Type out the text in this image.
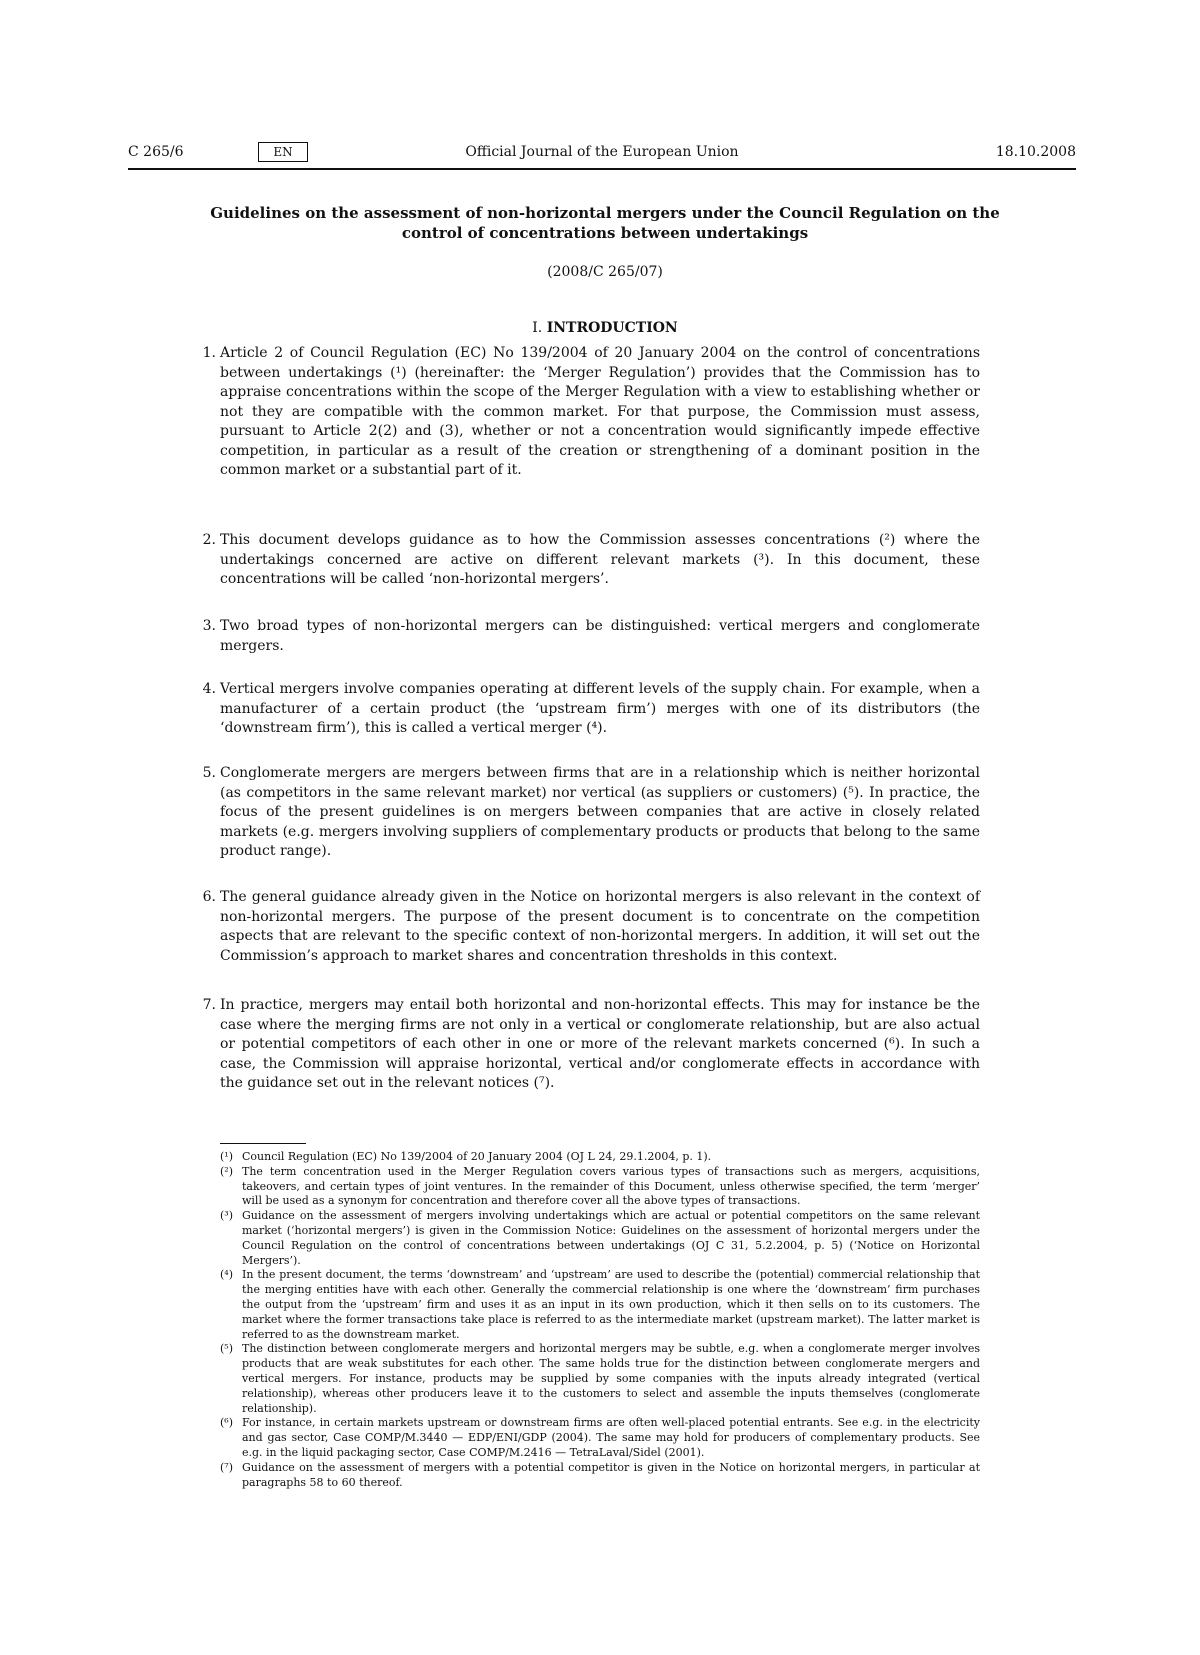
C 265/6	EN	Official Journal of the European Union	18.10.2008
Guidelines on the assessment of non-horizontal mergers under the Council Regulation on the control of concentrations between undertakings
(2008/C 265/07)
I. INTRODUCTION
1. Article 2 of Council Regulation (EC) No 139/2004 of 20 January 2004 on the control of concentrations between undertakings (¹) (hereinafter: the ‘Merger Regulation’) provides that the Commission has to appraise concentrations within the scope of the Merger Regulation with a view to establishing whether or not they are compatible with the common market. For that purpose, the Commission must assess, pursuant to Article 2(2) and (3), whether or not a concentration would significantly impede effective competition, in particular as a result of the creation or strengthening of a dominant position in the common market or a substantial part of it.
2. This document develops guidance as to how the Commission assesses concentrations (²) where the undertakings concerned are active on different relevant markets (³). In this document, these concentrations will be called ‘non-horizontal mergers’.
3. Two broad types of non-horizontal mergers can be distinguished: vertical mergers and conglomerate mergers.
4. Vertical mergers involve companies operating at different levels of the supply chain. For example, when a manufacturer of a certain product (the ‘upstream firm’) merges with one of its distributors (the ‘downstream firm’), this is called a vertical merger (⁴).
5. Conglomerate mergers are mergers between firms that are in a relationship which is neither horizontal (as competitors in the same relevant market) nor vertical (as suppliers or customers) (⁵). In practice, the focus of the present guidelines is on mergers between companies that are active in closely related markets (e.g. mergers involving suppliers of complementary products or products that belong to the same product range).
6. The general guidance already given in the Notice on horizontal mergers is also relevant in the context of non-horizontal mergers. The purpose of the present document is to concentrate on the competition aspects that are relevant to the specific context of non-horizontal mergers. In addition, it will set out the Commission’s approach to market shares and concentration thresholds in this context.
7. In practice, mergers may entail both horizontal and non-horizontal effects. This may for instance be the case where the merging firms are not only in a vertical or conglomerate relationship, but are also actual or potential competitors of each other in one or more of the relevant markets concerned (⁶). In such a case, the Commission will appraise horizontal, vertical and/or conglomerate effects in accordance with the guidance set out in the relevant notices (⁷).
(¹) Council Regulation (EC) No 139/2004 of 20 January 2004 (OJ L 24, 29.1.2004, p. 1).
(²) The term concentration used in the Merger Regulation covers various types of transactions such as mergers, acquisitions, takeovers, and certain types of joint ventures. In the remainder of this Document, unless otherwise specified, the term ‘merger’ will be used as a synonym for concentration and therefore cover all the above types of transactions.
(³) Guidance on the assessment of mergers involving undertakings which are actual or potential competitors on the same relevant market (‘horizontal mergers’) is given in the Commission Notice: Guidelines on the assessment of horizontal mergers under the Council Regulation on the control of concentrations between undertakings (OJ C 31, 5.2.2004, p. 5) (‘Notice on Horizontal Mergers’).
(⁴) In the present document, the terms ‘downstream’ and ‘upstream’ are used to describe the (potential) commercial relationship that the merging entities have with each other. Generally the commercial relationship is one where the ‘downstream’ firm purchases the output from the ‘upstream’ firm and uses it as an input in its own production, which it then sells on to its customers. The market where the former transactions take place is referred to as the intermediate market (upstream market). The latter market is referred to as the downstream market.
(⁵) The distinction between conglomerate mergers and horizontal mergers may be subtle, e.g. when a conglomerate merger involves products that are weak substitutes for each other. The same holds true for the distinction between conglomerate mergers and vertical mergers. For instance, products may be supplied by some companies with the inputs already integrated (vertical relationship), whereas other producers leave it to the customers to select and assemble the inputs themselves (conglomerate relationship).
(⁶) For instance, in certain markets upstream or downstream firms are often well-placed potential entrants. See e.g. in the electricity and gas sector, Case COMP/M.3440 — EDP/ENI/GDP (2004). The same may hold for producers of complementary products. See e.g. in the liquid packaging sector, Case COMP/M.2416 — TetraLaval/Sidel (2001).
(⁷) Guidance on the assessment of mergers with a potential competitor is given in the Notice on horizontal mergers, in particular at paragraphs 58 to 60 thereof.
